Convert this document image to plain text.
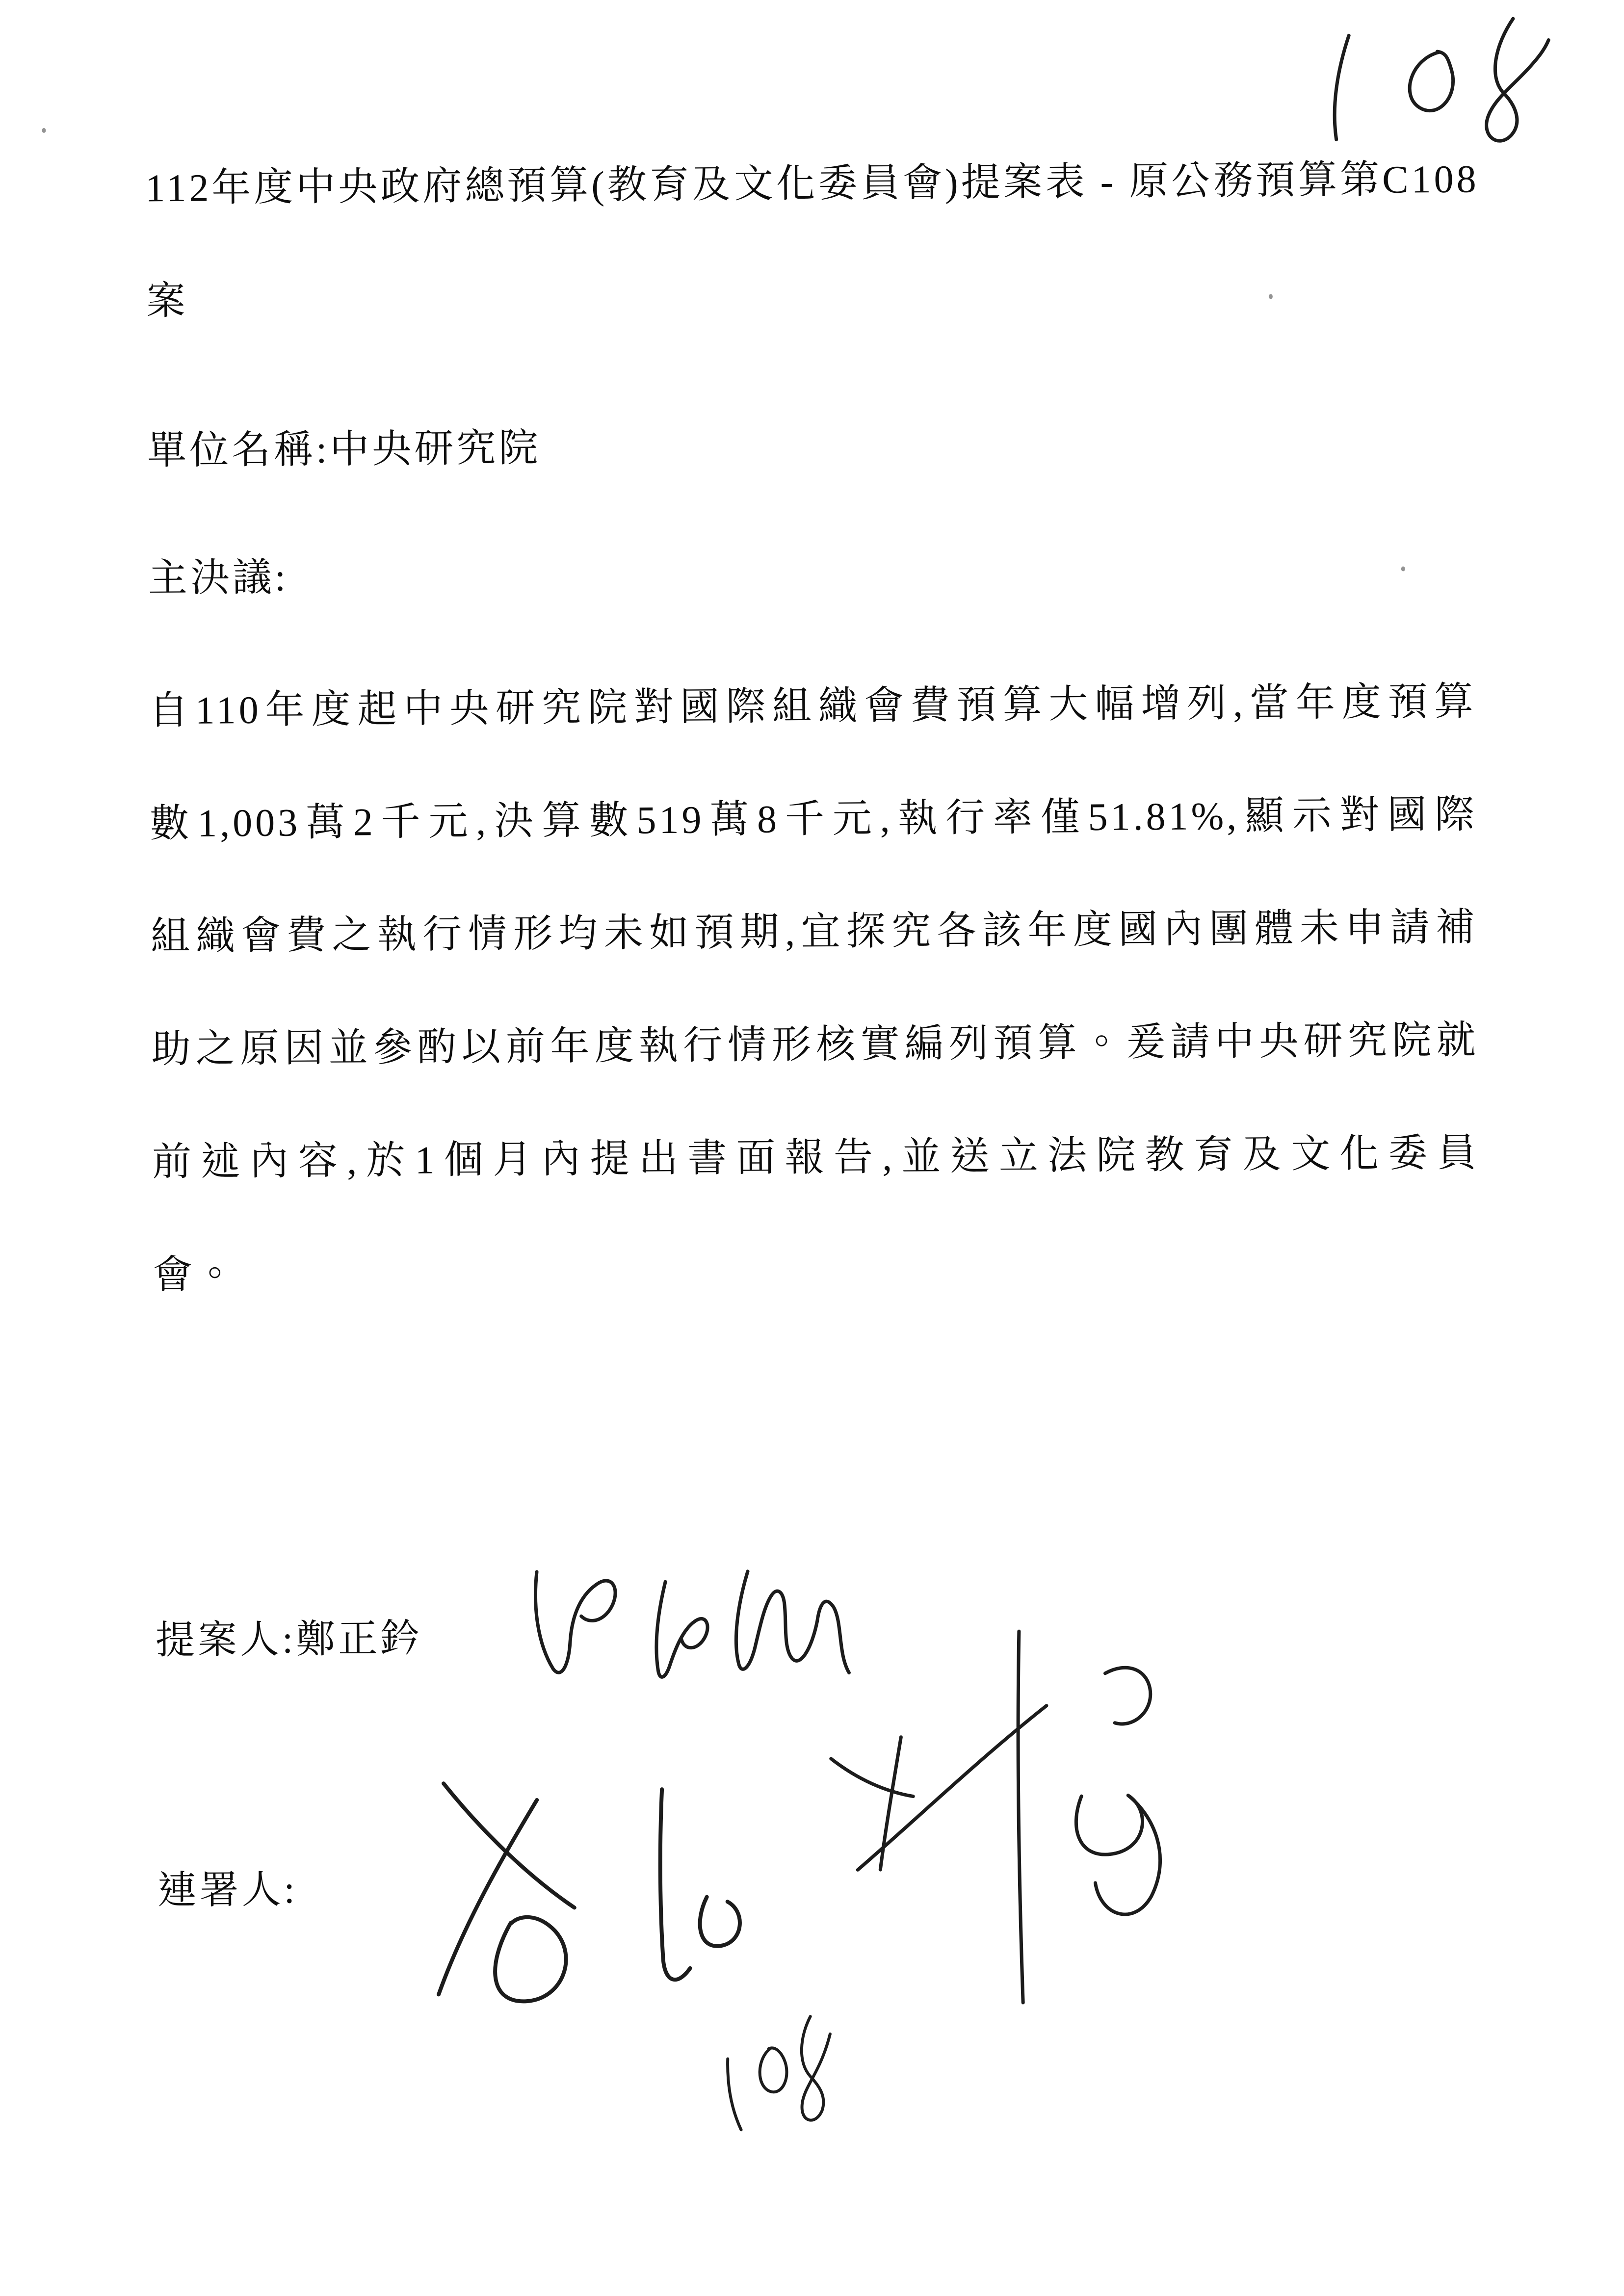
112年度中央政府總預算(教育及文化委員會)提案表 - 原公務預算第C108
案
單位名稱:中央研究院
主決議:
自110年度起中央研究院對國際組織會費預算大幅增列,當年度預算
數1,003萬2千元,決算數519萬8千元,執行率僅51.81%,顯示對國際
組織會費之執行情形均未如預期,宜探究各該年度國內團體未申請補
助之原因並參酌以前年度執行情形核實編列預算。爰請中央研究院就
前述內容,於1個月內提出書面報告,並送立法院教育及文化委員
會。
提案人:鄭正鈐
連署人:
